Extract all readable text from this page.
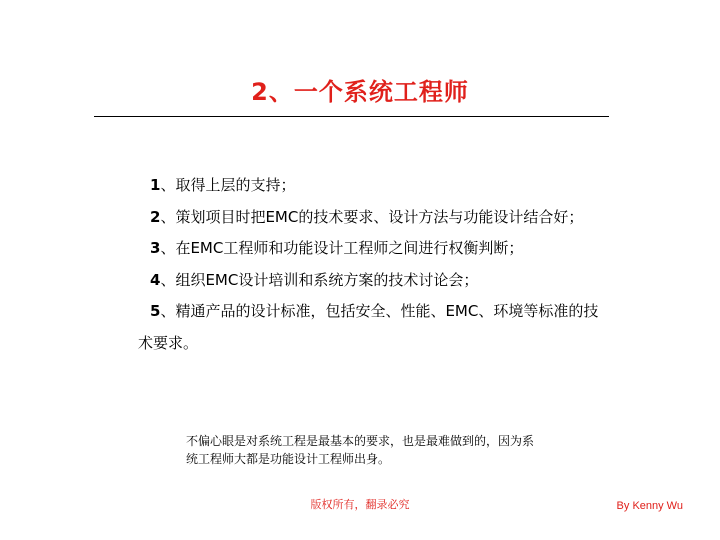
2、一个系统工程师
1、取得上层的支持；
2、策划项目时把EMC的技术要求、设计方法与功能设计结合好；
3、在EMC工程师和功能设计工程师之间进行权衡判断；
4、组织EMC设计培训和系统方案的技术讨论会；
5、精通产品的设计标准，包括安全、性能、EMC、环境等标准的技
术要求。
不偏心眼是对系统工程是最基本的要求，也是最难做到的，因为系
统工程师大都是功能设计工程师出身。
版权所有，翻录必究	By Kenny Wu
